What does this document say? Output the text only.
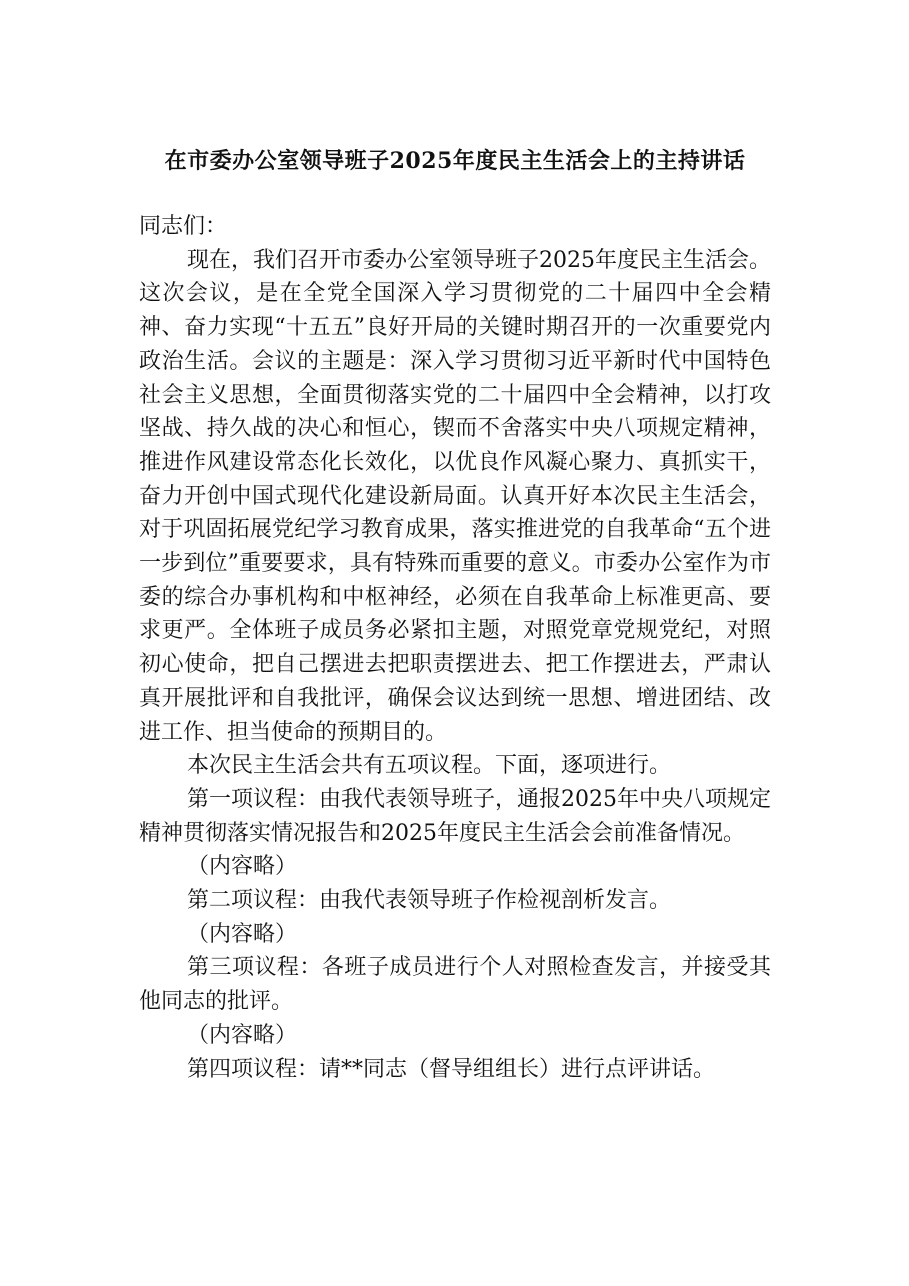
在市委办公室领导班子2025年度民主生活会上的主持讲话

同志们：

现在，我们召开市委办公室领导班子2025年度民主生活会。这次会议，是在全党全国深入学习贯彻党的二十届四中全会精神、奋力实现“十五五”良好开局的关键时期召开的一次重要党内政治生活。会议的主题是：深入学习贯彻习近平新时代中国特色社会主义思想，全面贯彻落实党的二十届四中全会精神，以打攻坚战、持久战的决心和恒心，锲而不舍落实中央八项规定精神，推进作风建设常态化长效化，以优良作风凝心聚力、真抓实干，奋力开创中国式现代化建设新局面。认真开好本次民主生活会，对于巩固拓展党纪学习教育成果，落实推进党的自我革命“五个进一步到位”重要要求，具有特殊而重要的意义。市委办公室作为市委的综合办事机构和中枢神经，必须在自我革命上标准更高、要求更严。全体班子成员务必紧扣主题，对照党章党规党纪，对照初心使命，把自己摆进去把职责摆进去、把工作摆进去，严肃认真开展批评和自我批评，确保会议达到统一思想、增进团结、改进工作、担当使命的预期目的。

本次民主生活会共有五项议程。下面，逐项进行。

第一项议程：由我代表领导班子，通报2025年中央八项规定精神贯彻落实情况报告和2025年度民主生活会会前准备情况。

（内容略）

第二项议程：由我代表领导班子作检视剖析发言。

（内容略）

第三项议程：各班子成员进行个人对照检查发言，并接受其他同志的批评。

（内容略）

第四项议程：请**同志（督导组组长）进行点评讲话。
